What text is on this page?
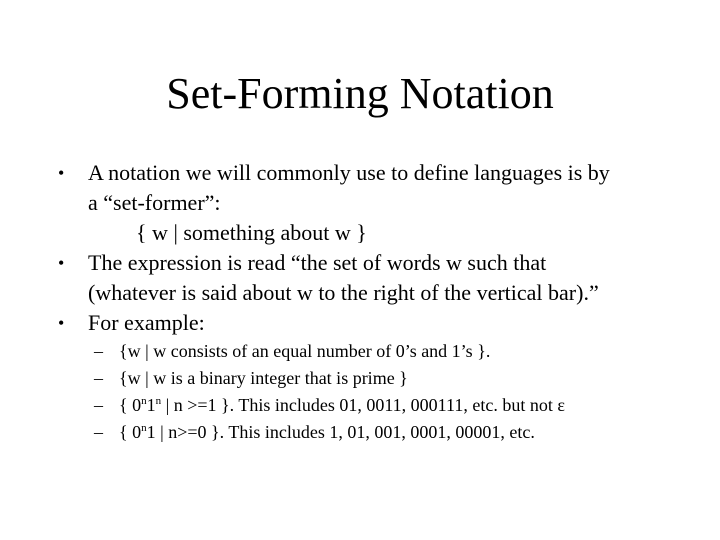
Set-Forming Notation
•	A notation we will commonly use to define languages is by
a “set-former”:
{ w | something about w }
•	The expression is read “the set of words w such that
(whatever is said about w to the right of the vertical bar).”
•	For example:
– {w | w consists of an equal number of 0’s and 1’s }.
– {w | w is a binary integer that is prime }
– { 0$^n$1$^n$ | n >=1 }. This includes 01, 0011, 000111, etc. but not ε
– { 0$^n$1 | n>=0 }. This includes 1, 01, 001, 0001, 00001, etc.
